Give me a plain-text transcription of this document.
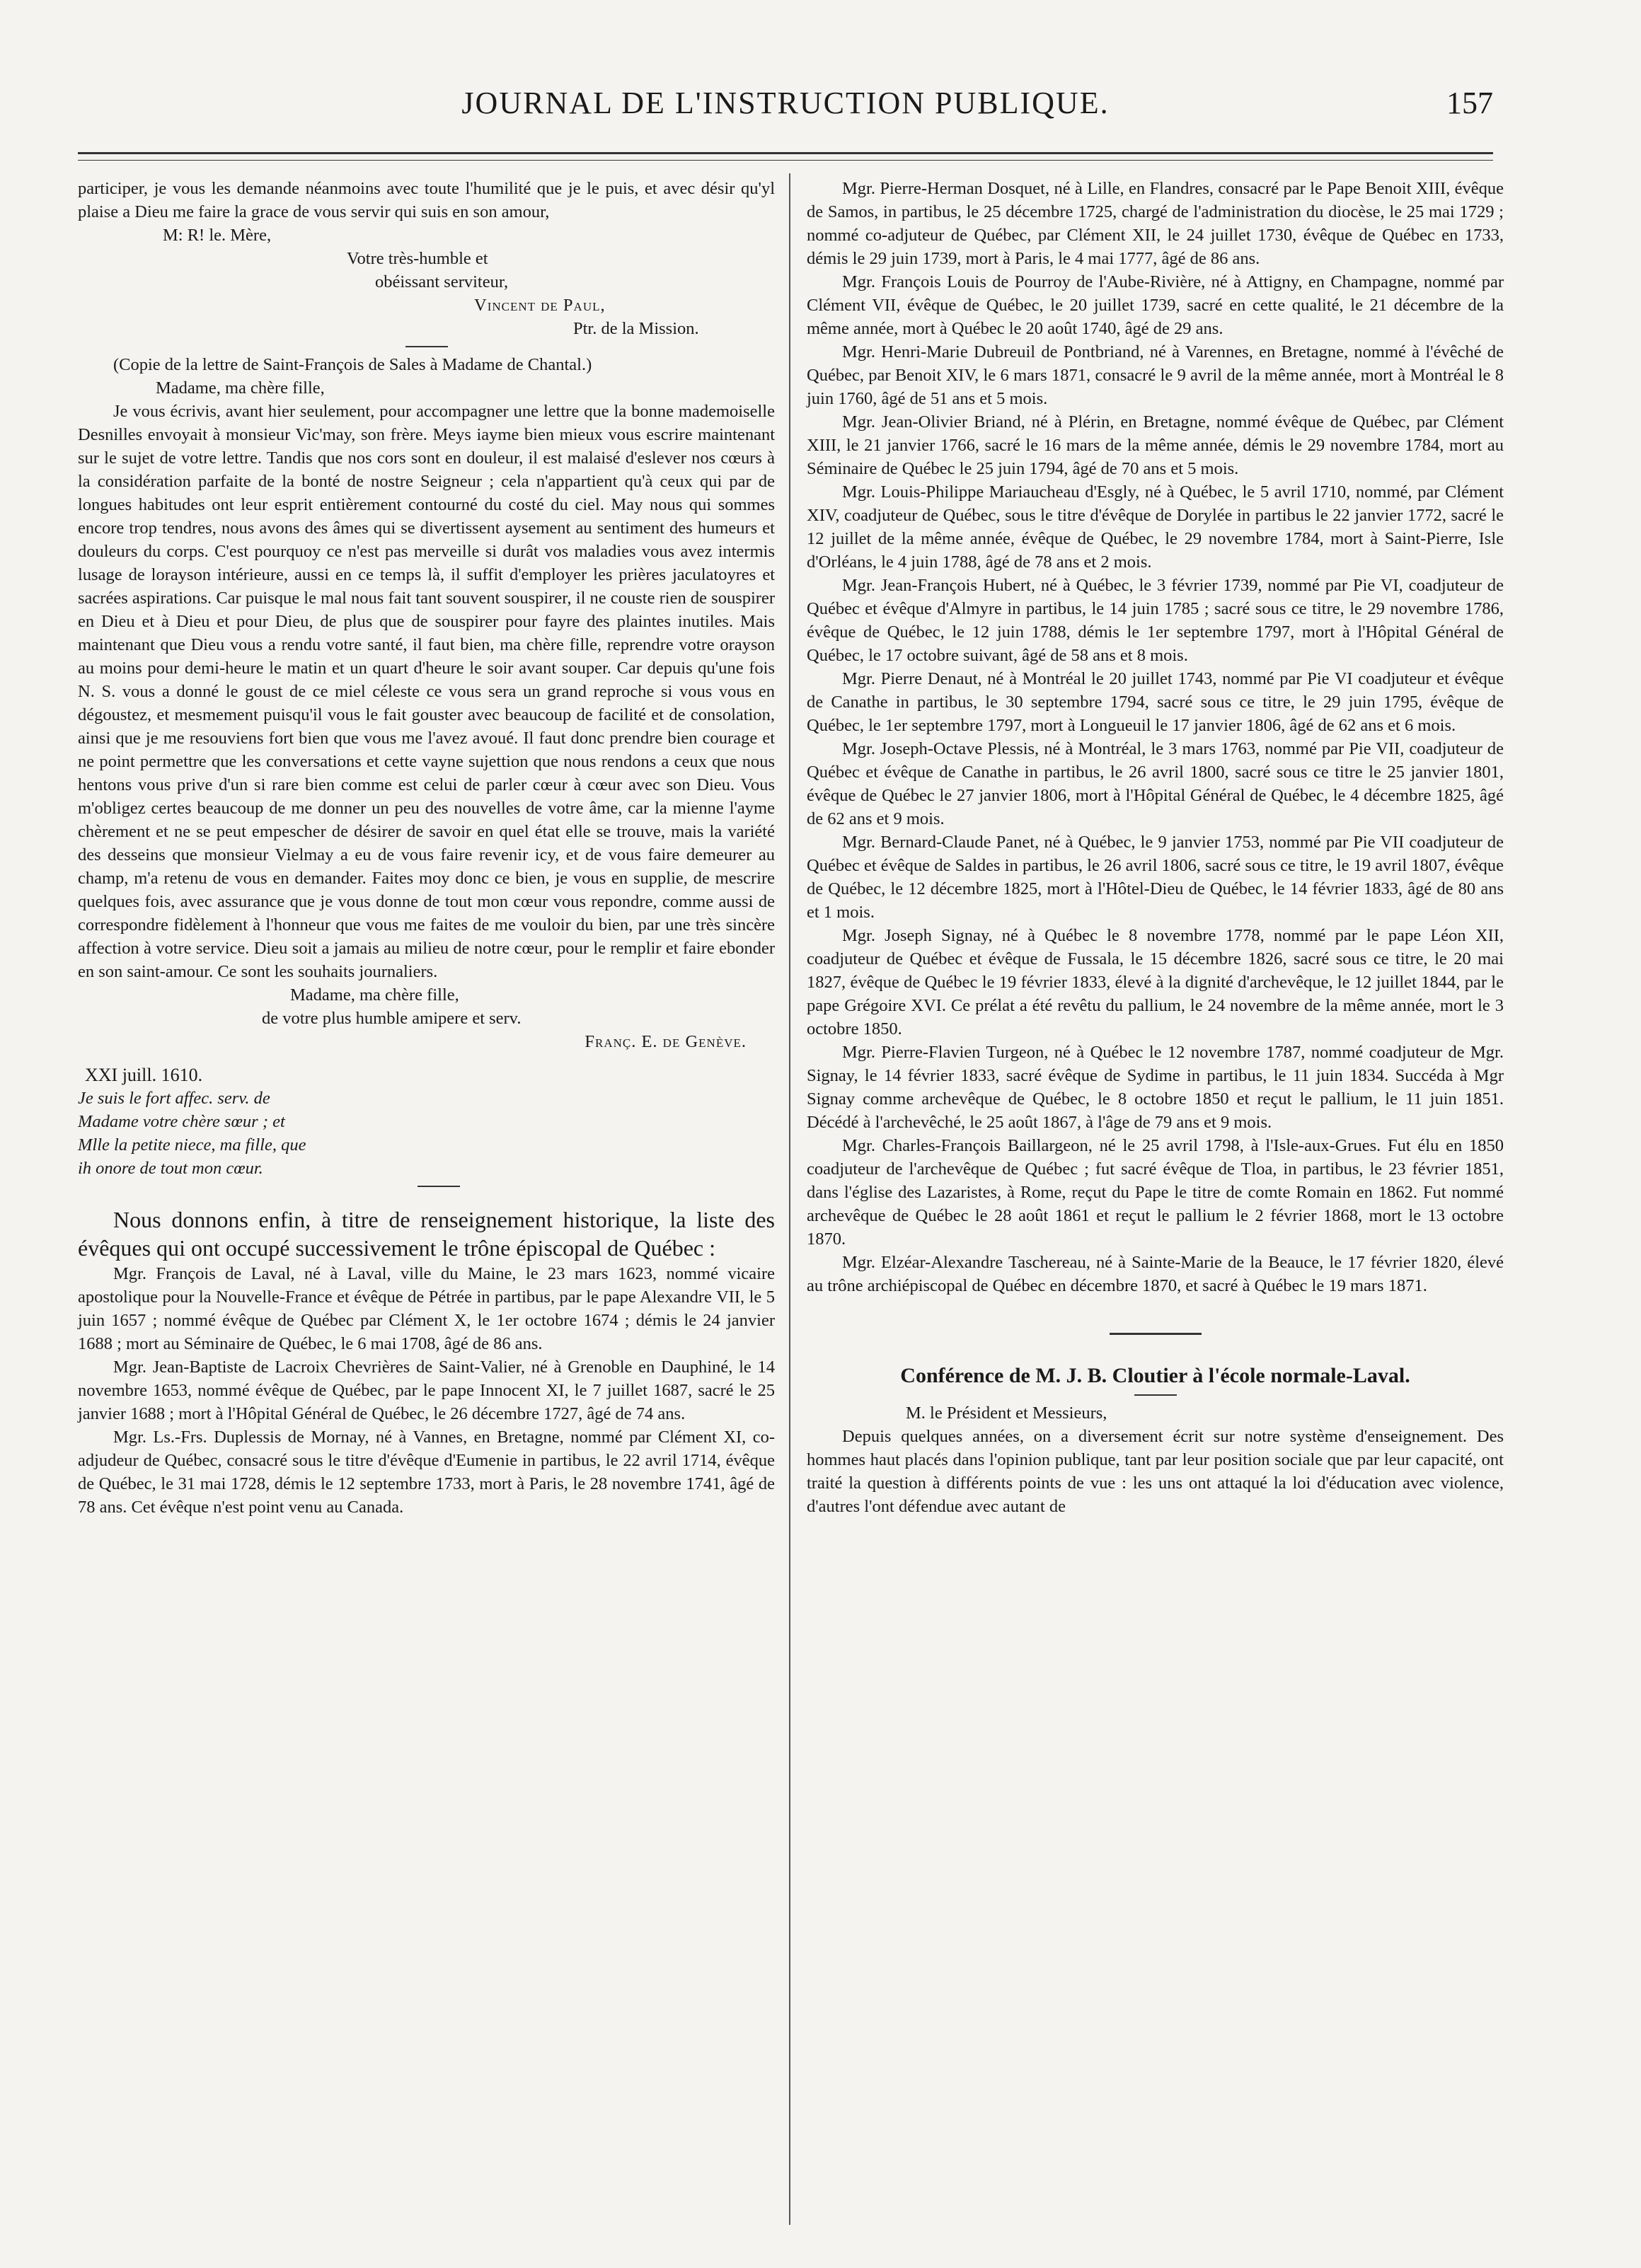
JOURNAL DE L'INSTRUCTION PUBLIQUE.	157

participer, je vous les demande néanmoins avec toute l'humilité que je le puis, et avec désir qu'yl plaise a Dieu me faire la grace de vous servir qui suis en son amour,

M: R! le. Mère,

Votre très-humble et

obéissant serviteur,

Vincent de Paul,

Ptr. de la Mission.

(Copie de la lettre de Saint-François de Sales à Madame de Chantal.)

Madame, ma chère fille,

Je vous écrivis, avant hier seulement, pour accompagner une lettre que la bonne mademoiselle Desnilles envoyait à monsieur Vic'may, son frère. Meys iayme bien mieux vous escrire maintenant sur le sujet de votre lettre. Tandis que nos cors sont en douleur, il est malaisé d'eslever nos cœurs à la considération parfaite de la bonté de nostre Seigneur ; cela n'appartient qu'à ceux qui par de longues habitudes ont leur esprit entièrement contourné du costé du ciel. May nous qui sommes encore trop tendres, nous avons des âmes qui se divertissent aysement au sentiment des humeurs et douleurs du corps. C'est pourquoy ce n'est pas merveille si durât vos maladies vous avez intermis lusage de lorayson intérieure, aussi en ce temps là, il suffit d'employer les prières jaculatoyres et sacrées aspirations. Car puisque le mal nous fait tant souvent souspirer, il ne couste rien de souspirer en Dieu et à Dieu et pour Dieu, de plus que de souspirer pour fayre des plaintes inutiles. Mais maintenant que Dieu vous a rendu votre santé, il faut bien, ma chère fille, reprendre votre orayson au moins pour demi-heure le matin et un quart d'heure le soir avant souper. Car depuis qu'une fois N. S. vous a donné le goust de ce miel céleste ce vous sera un grand reproche si vous vous en dégoustez, et mesmement puisqu'il vous le fait gouster avec beaucoup de facilité et de consolation, ainsi que je me resouviens fort bien que vous me l'avez avoué. Il faut donc prendre bien courage et ne point permettre que les conversations et cette vayne sujettion que nous rendons a ceux que nous hentons vous prive d'un si rare bien comme est celui de parler cœur à cœur avec son Dieu. Vous m'obligez certes beaucoup de me donner un peu des nouvelles de votre âme, car la mienne l'ayme chèrement et ne se peut empescher de désirer de savoir en quel état elle se trouve, mais la variété des desseins que monsieur Vielmay a eu de vous faire revenir icy, et de vous faire demeurer au champ, m'a retenu de vous en demander. Faites moy donc ce bien, je vous en supplie, de mescrire quelques fois, avec assurance que je vous donne de tout mon cœur vous repondre, comme aussi de correspondre fidèlement à l'honneur que vous me faites de me vouloir du bien, par une très sincère affection à votre service. Dieu soit a jamais au milieu de notre cœur, pour le remplir et faire ebonder en son saint-amour. Ce sont les souhaits journaliers.

Madame, ma chère fille,

de votre plus humble amipere et serv.

Franç. E. de Genève.

XXI juill. 1610.

Je suis le fort affec. serv. de

Madame votre chère sœur ; et

Mlle la petite niece, ma fille, que

ih onore de tout mon cœur.

Nous donnons enfin, à titre de renseignement historique, la liste des évêques qui ont occupé successivement le trône épiscopal de Québec :

Mgr. François de Laval, né à Laval, ville du Maine, le 23 mars 1623, nommé vicaire apostolique pour la Nouvelle-France et évêque de Pétrée in partibus, par le pape Alexandre VII, le 5 juin 1657 ; nommé évêque de Québec par Clément X, le 1er octobre 1674 ; démis le 24 janvier 1688 ; mort au Séminaire de Québec, le 6 mai 1708, âgé de 86 ans.

Mgr. Jean-Baptiste de Lacroix Chevrières de Saint-Valier, né à Grenoble en Dauphiné, le 14 novembre 1653, nommé évêque de Québec, par le pape Innocent XI, le 7 juillet 1687, sacré le 25 janvier 1688 ; mort à l'Hôpital Général de Québec, le 26 décembre 1727, âgé de 74 ans.

Mgr. Ls.-Frs. Duplessis de Mornay, né à Vannes, en Bretagne, nommé par Clément XI, co-adjudeur de Québec, consacré sous le titre d'évêque d'Eumenie in partibus, le 22 avril 1714, évêque de Québec, le 31 mai 1728, démis le 12 septembre 1733, mort à Paris, le 28 novembre 1741, âgé de 78 ans. Cet évêque n'est point venu au Canada.

Mgr. Pierre-Herman Dosquet, né à Lille, en Flandres, consacré par le Pape Benoit XIII, évêque de Samos, in partibus, le 25 décembre 1725, chargé de l'administration du diocèse, le 25 mai 1729 ; nommé co-adjuteur de Québec, par Clément XII, le 24 juillet 1730, évêque de Québec en 1733, démis le 29 juin 1739, mort à Paris, le 4 mai 1777, âgé de 86 ans.

Mgr. François Louis de Pourroy de l'Aube-Rivière, né à Attigny, en Champagne, nommé par Clément VII, évêque de Québec, le 20 juillet 1739, sacré en cette qualité, le 21 décembre de la même année, mort à Québec le 20 août 1740, âgé de 29 ans.

Mgr. Henri-Marie Dubreuil de Pontbriand, né à Varennes, en Bretagne, nommé à l'évêché de Québec, par Benoit XIV, le 6 mars 1871, consacré le 9 avril de la même année, mort à Montréal le 8 juin 1760, âgé de 51 ans et 5 mois.

Mgr. Jean-Olivier Briand, né à Plérin, en Bretagne, nommé évêque de Québec, par Clément XIII, le 21 janvier 1766, sacré le 16 mars de la même année, démis le 29 novembre 1784, mort au Séminaire de Québec le 25 juin 1794, âgé de 70 ans et 5 mois.

Mgr. Louis-Philippe Mariaucheau d'Esgly, né à Québec, le 5 avril 1710, nommé, par Clément XIV, coadjuteur de Québec, sous le titre d'évêque de Dorylée in partibus le 22 janvier 1772, sacré le 12 juillet de la même année, évêque de Québec, le 29 novembre 1784, mort à Saint-Pierre, Isle d'Orléans, le 4 juin 1788, âgé de 78 ans et 2 mois.

Mgr. Jean-François Hubert, né à Québec, le 3 février 1739, nommé par Pie VI, coadjuteur de Québec et évêque d'Almyre in partibus, le 14 juin 1785 ; sacré sous ce titre, le 29 novembre 1786, évêque de Québec, le 12 juin 1788, démis le 1er septembre 1797, mort à l'Hôpital Général de Québec, le 17 octobre suivant, âgé de 58 ans et 8 mois.

Mgr. Pierre Denaut, né à Montréal le 20 juillet 1743, nommé par Pie VI coadjuteur et évêque de Canathe in partibus, le 30 septembre 1794, sacré sous ce titre, le 29 juin 1795, évêque de Québec, le 1er septembre 1797, mort à Longueuil le 17 janvier 1806, âgé de 62 ans et 6 mois.

Mgr. Joseph-Octave Plessis, né à Montréal, le 3 mars 1763, nommé par Pie VII, coadjuteur de Québec et évêque de Canathe in partibus, le 26 avril 1800, sacré sous ce titre le 25 janvier 1801, évêque de Québec le 27 janvier 1806, mort à l'Hôpital Général de Québec, le 4 décembre 1825, âgé de 62 ans et 9 mois.

Mgr. Bernard-Claude Panet, né à Québec, le 9 janvier 1753, nommé par Pie VII coadjuteur de Québec et évêque de Saldes in partibus, le 26 avril 1806, sacré sous ce titre, le 19 avril 1807, évêque de Québec, le 12 décembre 1825, mort à l'Hôtel-Dieu de Québec, le 14 février 1833, âgé de 80 ans et 1 mois.

Mgr. Joseph Signay, né à Québec le 8 novembre 1778, nommé par le pape Léon XII, coadjuteur de Québec et évêque de Fussala, le 15 décembre 1826, sacré sous ce titre, le 20 mai 1827, évêque de Québec le 19 février 1833, élevé à la dignité d'archevêque, le 12 juillet 1844, par le pape Grégoire XVI. Ce prélat a été revêtu du pallium, le 24 novembre de la même année, mort le 3 octobre 1850.

Mgr. Pierre-Flavien Turgeon, né à Québec le 12 novembre 1787, nommé coadjuteur de Mgr. Signay, le 14 février 1833, sacré évêque de Sydime in partibus, le 11 juin 1834. Succéda à Mgr Signay comme archevêque de Québec, le 8 octobre 1850 et reçut le pallium, le 11 juin 1851. Décédé à l'archevêché, le 25 août 1867, à l'âge de 79 ans et 9 mois.

Mgr. Charles-François Baillargeon, né le 25 avril 1798, à l'Isle-aux-Grues. Fut élu en 1850 coadjuteur de l'archevêque de Québec ; fut sacré évêque de Tloa, in partibus, le 23 février 1851, dans l'église des Lazaristes, à Rome, reçut du Pape le titre de comte Romain en 1862. Fut nommé archevêque de Québec le 28 août 1861 et reçut le pallium le 2 février 1868, mort le 13 octobre 1870.

Mgr. Elzéar-Alexandre Taschereau, né à Sainte-Marie de la Beauce, le 17 février 1820, élevé au trône archiépiscopal de Québec en décembre 1870, et sacré à Québec le 19 mars 1871.

Conférence de M. J. B. Cloutier à l'école normale-Laval.

M. le Président et Messieurs,

Depuis quelques années, on a diversement écrit sur notre système d'enseignement. Des hommes haut placés dans l'opinion publique, tant par leur position sociale que par leur capacité, ont traité la question à différents points de vue : les uns ont attaqué la loi d'éducation avec violence, d'autres l'ont défendue avec autant de
